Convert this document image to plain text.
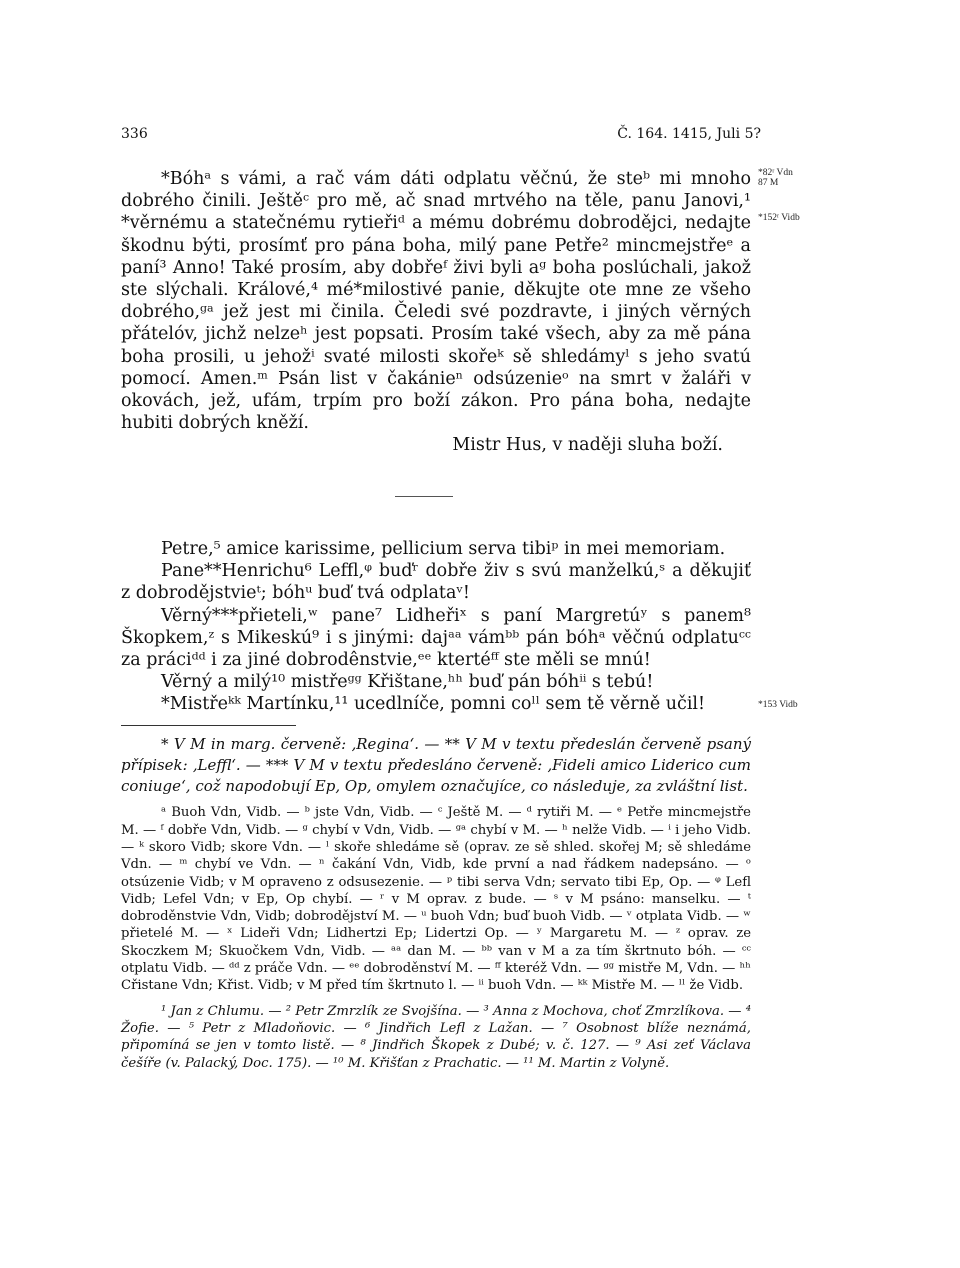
336	Č. 164. 1415, Juli 5?

*Bóhᵃ s vámi, a rač vám dáti odplatu věčnú, že steᵇ mi mnoho dobrého činili. Ještěᶜ pro mě, ač snad mrtvého na těle, panu Janovi,¹ *věrnému a statečnému rytieřiᵈ a mému dobrému dobrodějci, nedajte škodnu býti, prosímť pro pána boha, milý pane Petře² mincmejstřeᵉ a paní³ Anno! Také prosím, aby dobřeᶠ živi byli aᵍ boha poslúchali, jakož ste slýchali. Králové,⁴ mé*milostivé panie, děkujte ote mne ze všeho dobrého,ᵍᵃ jež jest mi činila. Čeledi své pozdravte, i jiných věrných přátelóv, jichž nelzeʰ jest popsati. Prosím také všech, aby za mě pána boha prosili, u jehožⁱ svaté milosti skořeᵏ sě shledámyˡ s jeho svatú pomocí. Amen.ᵐ Psán list v čakánieⁿ odsúzenieᵒ na smrt v žaláři v okovách, jež, ufám, trpím pro boží zákon. Pro pána boha, nedajte hubiti dobrých kněží.

Mistr Hus, v naději sluha boží.

*82ʳ Vdn
87 M
*152ʳ Vidb

Petre,⁵ amice karissime, pellicium serva tibiᵖ in mei memoriam.

Pane**Henrichu⁶ Leffl,ᵠ buďʳ dobře živ s svú manželkú,ˢ a děkujiť z dobrodějstvieᵗ; bóhᵘ buď tvá odplataᵛ!

Věrný***přieteli,ʷ pane⁷ Lidheřiˣ s paní Margretúʸ s panem⁸ Škopkem,ᶻ s Mikeskú⁹ i s jinými: dajᵃᵃ vámᵇᵇ pán bóhᵃ věčnú odplatuᶜᶜ za práciᵈᵈ i za jiné dobrodênstvie,ᵉᵉ ktertéᶠᶠ ste měli se mnú!

Věrný a milý¹⁰ mistřeᵍᵍ Křištane,ʰʰ buď pán bóhⁱⁱ s tebú!

*Mistřeᵏᵏ Martínku,¹¹ ucedlníče, pomni coˡˡ sem tě věrně učil!	*153 Vidb

* V M in marg. červeně: ‚Regina‘. — ** V M v textu předeslán červeně psaný přípisek: ‚Leffl‘. — *** V M v textu předesláno červeně: ‚Fideli amico Liderico cum coniuge‘, což napodobují Ep, Op, omylem označujíce, co následuje, za zvláštní list.

ᵃ Buoh Vdn, Vidb. — ᵇ jste Vdn, Vidb. — ᶜ Ještě M. — ᵈ rytiři M. — ᵉ Petře mincmejstře M. — ᶠ dobře Vdn, Vidb. — ᵍ chybí v Vdn, Vidb. — ᵍᵃ chybí v M. — ʰ nelže Vidb. — ⁱ i jeho Vidb. — ᵏ skoro Vidb; skore Vdn. — ˡ skoře shledáme sě (oprav. ze sě shled. skořej M; sě shledáme Vdn. — ᵐ chybí ve Vdn. — ⁿ čakání Vdn, Vidb, kde první a nad řádkem nadepsáno. — ᵒ otsúzenie Vidb; v M opraveno z odsusezenie. — ᵖ tibi serva Vdn; servato tibi Ep, Op. — ᵠ Lefl Vidb; Lefel Vdn; v Ep, Op chybí. — ʳ v M oprav. z bude. — ˢ v M psáno: manselku. — ᵗ dobroděnstvie Vdn, Vidb; dobrodějství M. — ᵘ buoh Vdn; buď buoh Vidb. — ᵛ otplata Vidb. — ʷ přietelé M. — ˣ Lideři Vdn; Lidhertzi Ep; Lidertzi Op. — ʸ Margaretu M. — ᶻ oprav. ze Skoczkem M; Skuočkem Vdn, Vidb. — ᵃᵃ dan M. — ᵇᵇ van v M a za tím škrtnuto bóh. — ᶜᶜ otplatu Vidb. — ᵈᵈ z práče Vdn. — ᵉᵉ dobroděnství M. — ᶠᶠ kteréž Vdn. — ᵍᵍ mistře M, Vdn. — ʰʰ Cřistane Vdn; Křist. Vidb; v M před tím škrtnuto l. — ⁱⁱ buoh Vdn. — ᵏᵏ Mistře M. — ˡˡ že Vidb.

¹ Jan z Chlumu. — ² Petr Zmrzlík ze Svojšína. — ³ Anna z Mochova, choť Zmrzlíkova. — ⁴ Žofie. — ⁵ Petr z Mladoňovic. — ⁶ Jindřich Lefl z Lažan. — ⁷ Osobnost blíže neznámá, připomíná se jen v tomto listě. — ⁸ Jindřich Škopek z Dubé; v. č. 127. — ⁹ Asi zeť Václava češíře (v. Palacký, Doc. 175). — ¹⁰ M. Křišťan z Prachatic. — ¹¹ M. Martin z Volyně.
